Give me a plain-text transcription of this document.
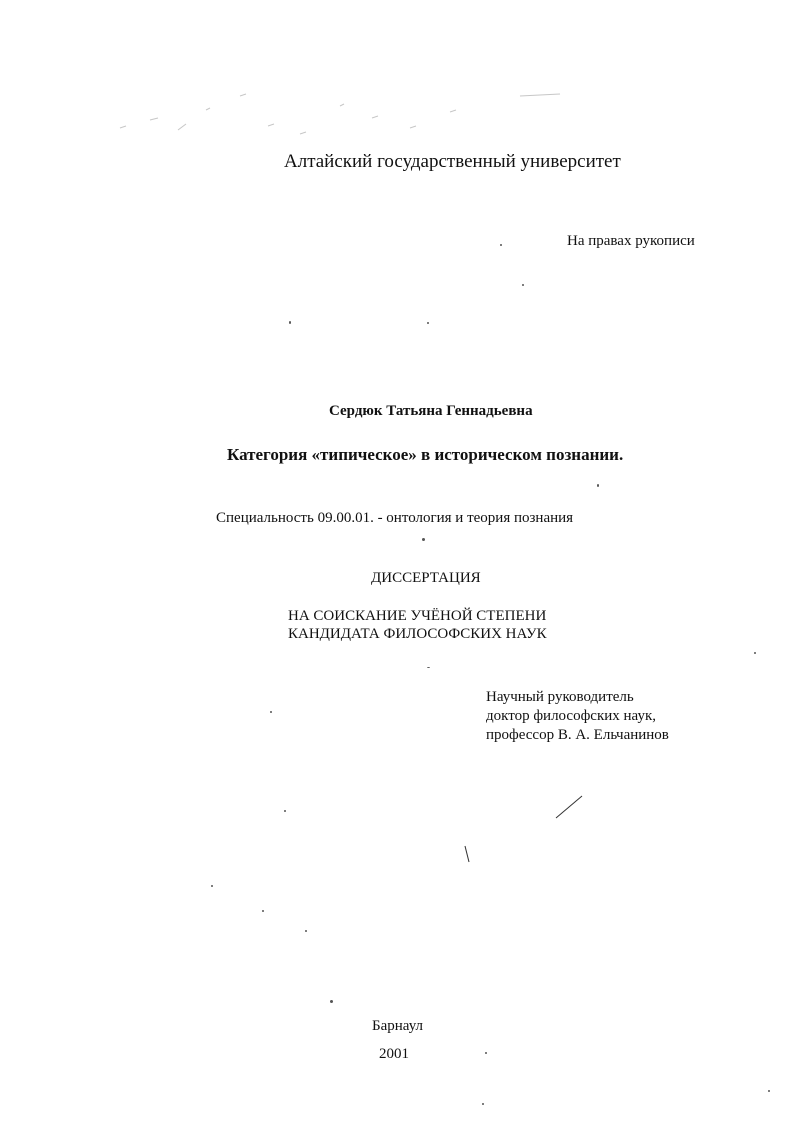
Алтайский государственный университет
На правах рукописи
Сердюк Татьяна Геннадьевна
Категория «типическое» в историческом познании.
Специальность 09.00.01. - онтология и теория познания
ДИССЕРТАЦИЯ
НА СОИСКАНИЕ УЧЁНОЙ СТЕПЕНИ
КАНДИДАТА ФИЛОСОФСКИХ НАУК
Научный руководитель
доктор философских наук,
профессор В. А. Ельчанинов
Барнаул
2001
